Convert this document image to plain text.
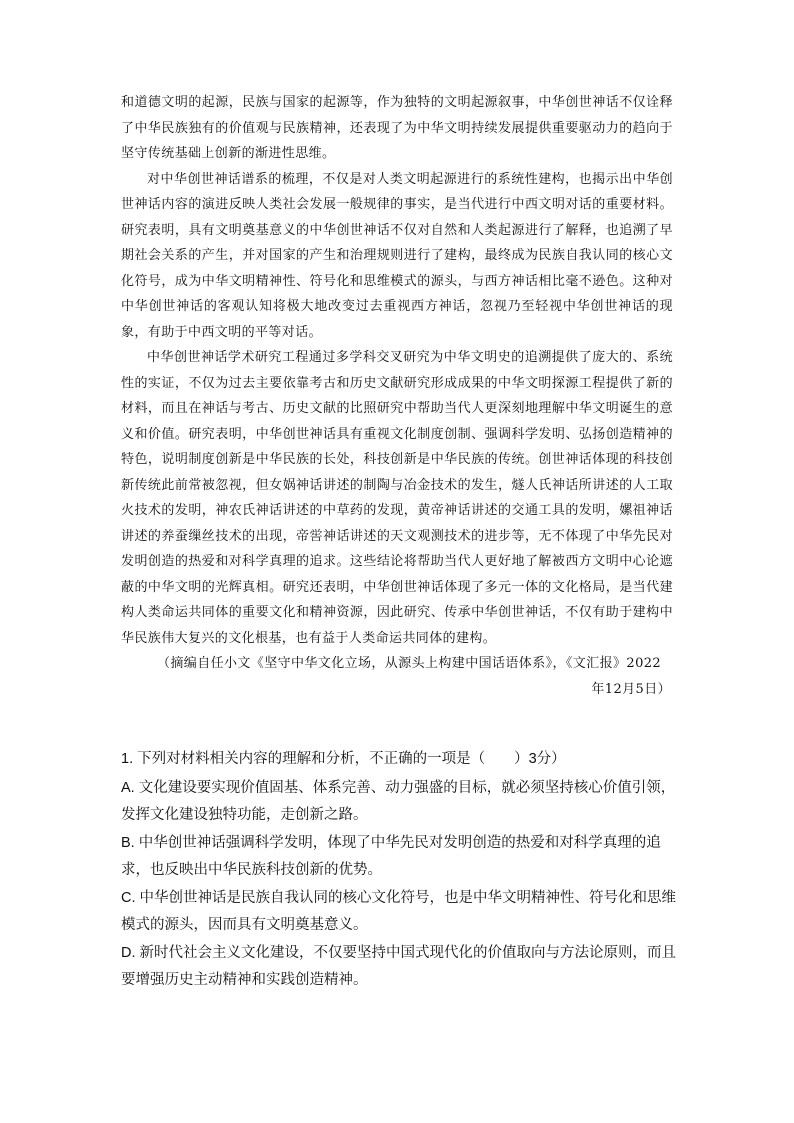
和道德文明的起源，民族与国家的起源等，作为独特的文明起源叙事，中华创世神话不仅诠释了中华民族独有的价值观与民族精神，还表现了为中华文明持续发展提供重要驱动力的趋向于坚守传统基础上创新的渐进性思维。

对中华创世神话谱系的梳理，不仅是对人类文明起源进行的系统性建构，也揭示出中华创世神话内容的演进反映人类社会发展一般规律的事实，是当代进行中西文明对话的重要材料。研究表明，具有文明奠基意义的中华创世神话不仅对自然和人类起源进行了解释，也追溯了早期社会关系的产生，并对国家的产生和治理规则进行了建构，最终成为民族自我认同的核心文化符号，成为中华文明精神性、符号化和思维模式的源头，与西方神话相比毫不逊色。这种对中华创世神话的客观认知将极大地改变过去重视西方神话，忽视乃至轻视中华创世神话的现象，有助于中西文明的平等对话。

中华创世神话学术研究工程通过多学科交叉研究为中华文明史的追溯提供了庞大的、系统性的实证，不仅为过去主要依靠考古和历史文献研究形成成果的中华文明探源工程提供了新的材料，而且在神话与考古、历史文献的比照研究中帮助当代人更深刻地理解中华文明诞生的意义和价值。研究表明，中华创世神话具有重视文化制度创制、强调科学发明、弘扬创造精神的特色，说明制度创新是中华民族的长处，科技创新是中华民族的传统。创世神话体现的科技创新传统此前常被忽视，但女娲神话讲述的制陶与冶金技术的发生，燧人氏神话所讲述的人工取火技术的发明，神农氏神话讲述的中草药的发现，黄帝神话讲述的交通工具的发明，嫘祖神话讲述的养蚕缫丝技术的出现，帝喾神话讲述的天文观测技术的进步等，无不体现了中华先民对发明创造的热爱和对科学真理的追求。这些结论将帮助当代人更好地了解被西方文明中心论遮蔽的中华文明的光辉真相。研究还表明，中华创世神话体现了多元一体的文化格局，是当代建构人类命运共同体的重要文化和精神资源，因此研究、传承中华创世神话，不仅有助于建构中华民族伟大复兴的文化根基，也有益于人类命运共同体的建构。

（摘编自任小文《坚守中华文化立场，从源头上构建中国话语体系》，《文汇报》2022
年12月5日）

1. 下列对材料相关内容的理解和分析，不正确的一项是（　　）3分）

A. 文化建设要实现价值固基、体系完善、动力强盛的目标，就必须坚持核心价值引领，发挥文化建设独特功能，走创新之路。

B. 中华创世神话强调科学发明，体现了中华先民对发明创造的热爱和对科学真理的追求，也反映出中华民族科技创新的优势。

C. 中华创世神话是民族自我认同的核心文化符号，也是中华文明精神性、符号化和思维模式的源头，因而具有文明奠基意义。

D. 新时代社会主义文化建设，不仅要坚持中国式现代化的价值取向与方法论原则，而且要增强历史主动精神和实践创造精神。
